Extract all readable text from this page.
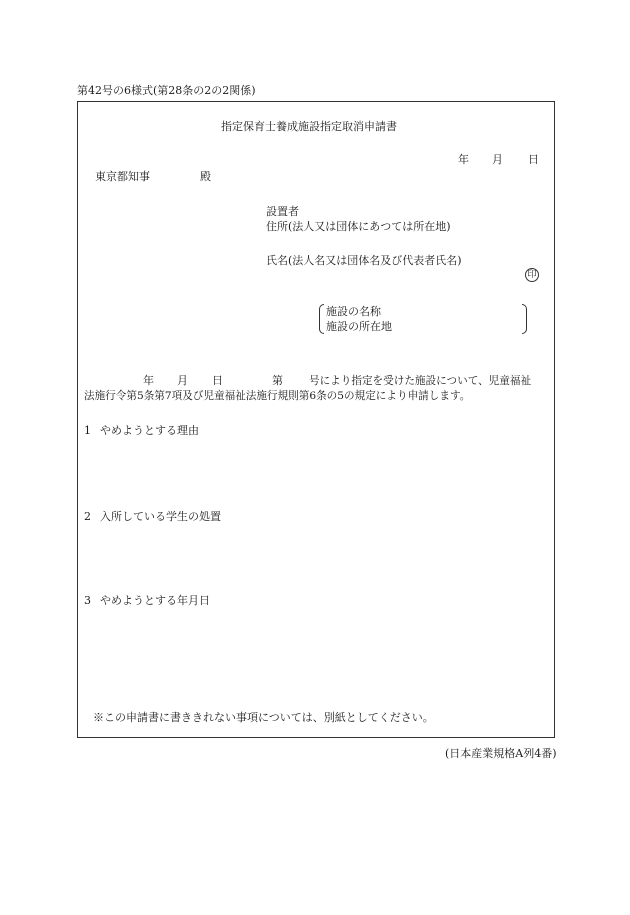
第42号の6様式(第28条の2の2関係)
指定保育士養成施設指定取消申請書
年 月 日
東京都知事	殿
設置者
住所(法人又は団体にあつては所在地)
氏名(法人名又は団体名及び代表者氏名)
印
施設の名称
施設の所在地
年 月 日	第 号により指定を受けた施設について、児童福祉
法施行令第5条第7項及び児童福祉法施行規則第6条の5の規定により申請します。
1 やめようとする理由
2 入所している学生の処置
3 やめようとする年月日
※この申請書に書ききれない事項については、別紙としてください。
(日本産業規格A列4番)
